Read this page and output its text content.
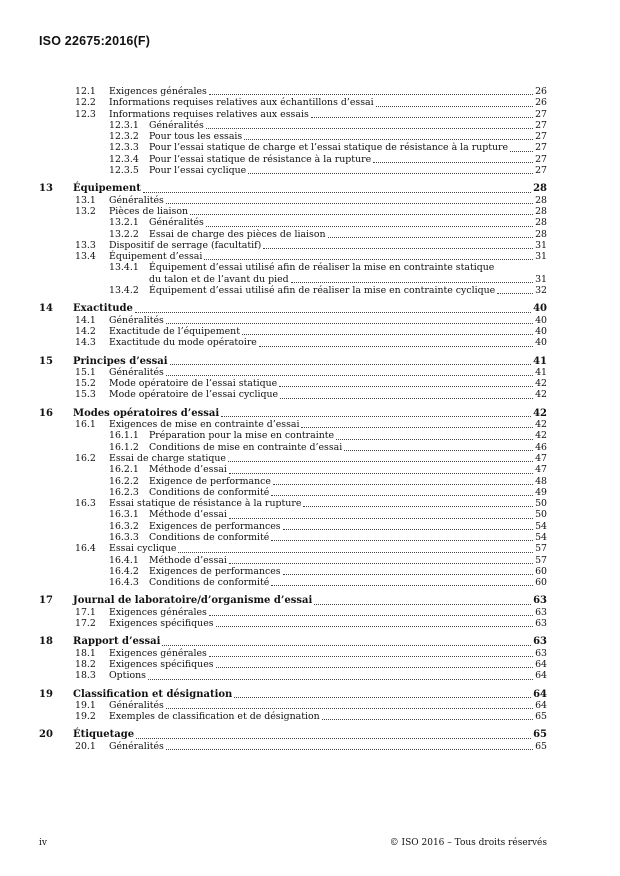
ISO 22675:2016(F)
12.1	Exigences générales	26
12.2	Informations requises relatives aux échantillons d’essai	26
12.3	Informations requises relatives aux essais	27
12.3.1	Généralités	27
12.3.2	Pour tous les essais	27
12.3.3	Pour l’essai statique de charge et l’essai statique de résistance à la rupture	27
12.3.4	Pour l’essai statique de résistance à la rupture	27
12.3.5	Pour l’essai cyclique	27
13	Équipement	28
13.1	Généralités	28
13.2	Pièces de liaison	28
13.2.1	Généralités	28
13.2.2	Essai de charge des pièces de liaison	28
13.3	Dispositif de serrage (facultatif)	31
13.4	Équipement d’essai	31
13.4.1	Équipement d’essai utilisé afin de réaliser la mise en contrainte statique
du talon et de l’avant du pied	31
13.4.2	Équipement d’essai utilisé afin de réaliser la mise en contrainte cyclique	32
14	Exactitude	40
14.1	Généralités	40
14.2	Exactitude de l’équipement	40
14.3	Exactitude du mode opératoire	40
15	Principes d’essai	41
15.1	Généralités	41
15.2	Mode opératoire de l’essai statique	42
15.3	Mode opératoire de l’essai cyclique	42
16	Modes opératoires d’essai	42
16.1	Exigences de mise en contrainte d’essai	42
16.1.1	Préparation pour la mise en contrainte	42
16.1.2	Conditions de mise en contrainte d’essai	46
16.2	Essai de charge statique	47
16.2.1	Méthode d’essai	47
16.2.2	Exigence de performance	48
16.2.3	Conditions de conformité	49
16.3	Essai statique de résistance à la rupture	50
16.3.1	Méthode d’essai	50
16.3.2	Exigences de performances	54
16.3.3	Conditions de conformité	54
16.4	Essai cyclique	57
16.4.1	Méthode d’essai	57
16.4.2	Exigences de performances	60
16.4.3	Conditions de conformité	60
17	Journal de laboratoire/d’organisme d’essai	63
17.1	Exigences générales	63
17.2	Exigences spécifiques	63
18	Rapport d’essai	63
18.1	Exigences générales	63
18.2	Exigences spécifiques	64
18.3	Options	64
19	Classification et désignation	64
19.1	Généralités	64
19.2	Exemples de classification et de désignation	65
20	Étiquetage	65
20.1	Généralités	65
iv	© ISO 2016 – Tous droits réservés
